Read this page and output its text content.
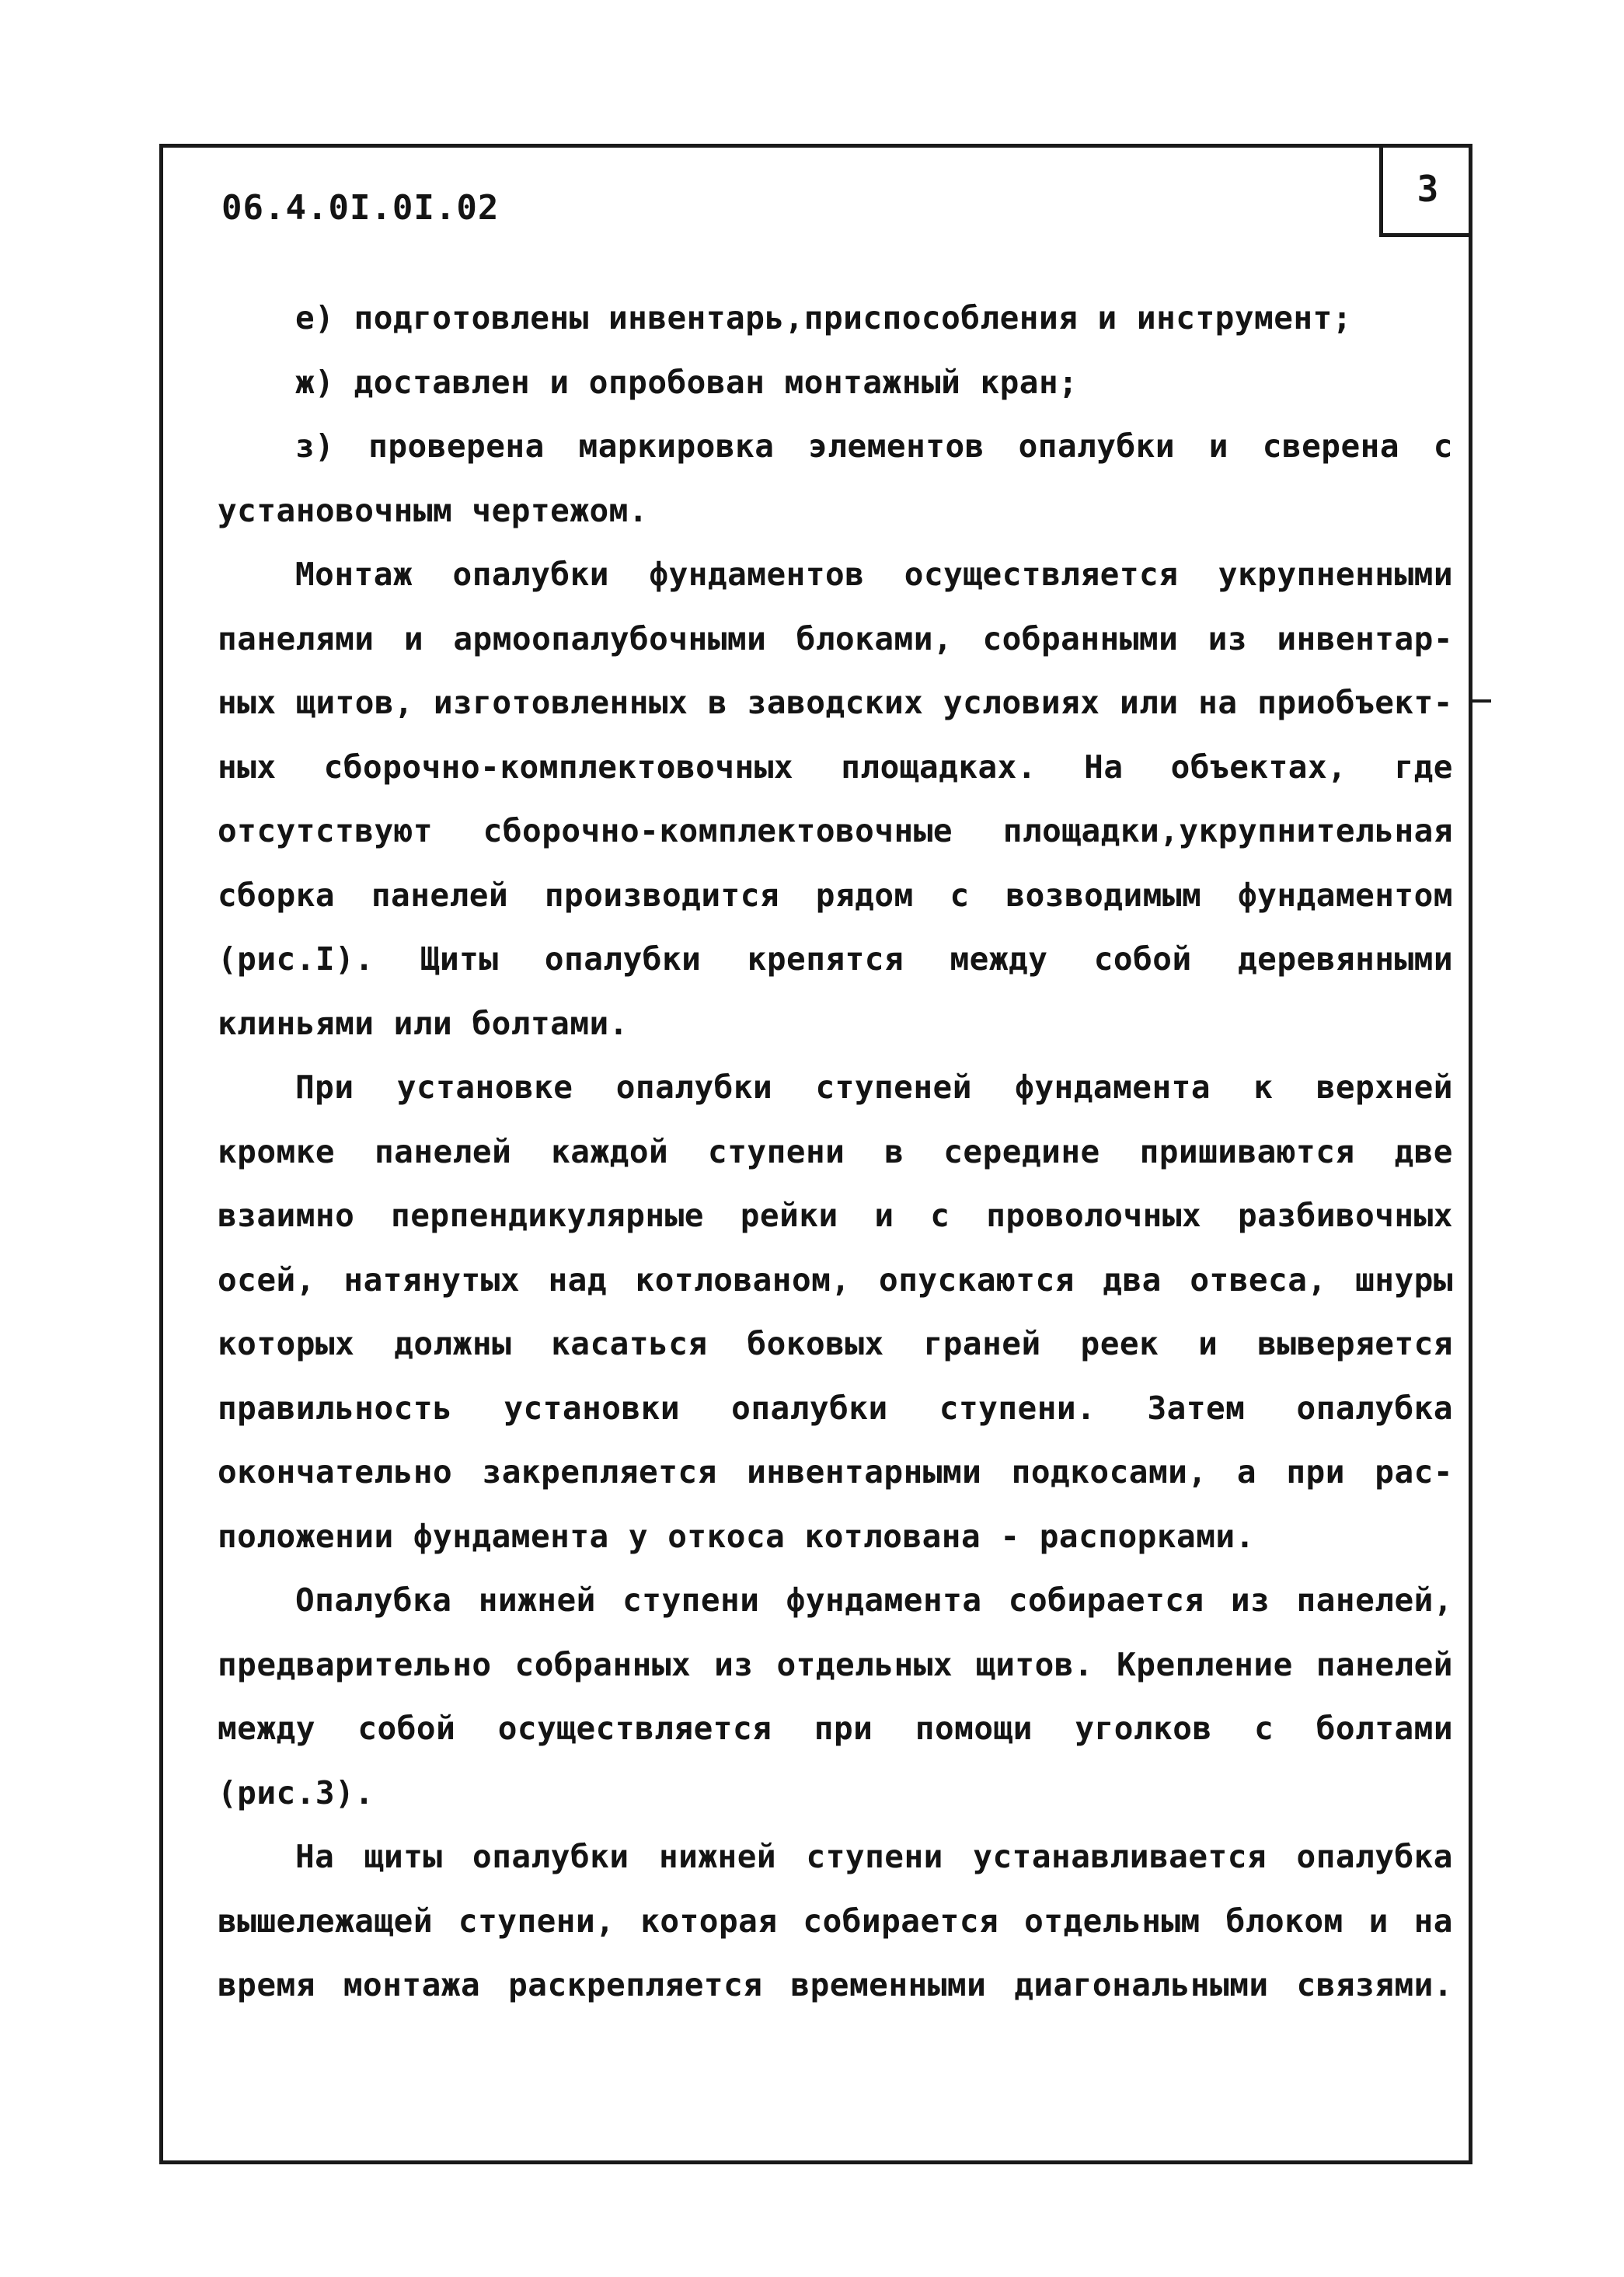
3
06.4.0I.0I.02
е) подготовлены инвентарь,приспособления и инструмент;
ж) доставлен и опробован монтажный кран;
з) проверена маркировка элементов опалубки и сверена с
установочным чертежом.
Монтаж опалубки фундаментов осуществляется укрупненными
панелями и армоопалубочными блоками, собранными из инвентар-
ных щитов, изготовленных в заводских условиях или на приобъект-
ных сборочно-комплектовочных площадках. На объектах, где
отсутствуют сборочно-комплектовочные площадки,укрупнительная
сборка панелей производится рядом с возводимым фундаментом
(рис.I). Щиты опалубки крепятся между собой деревянными
клиньями или болтами.
При установке опалубки ступеней фундамента к верхней
кромке панелей каждой ступени в середине пришиваются две
взаимно перпендикулярные рейки и с проволочных разбивочных
осей, натянутых над котлованом, опускаются два отвеса, шнуры
которых должны касаться боковых граней реек и выверяется
правильность установки опалубки ступени. Затем опалубка
окончательно закрепляется инвентарными подкосами, а при рас-
положении фундамента у откоса котлована - распорками.
Опалубка нижней ступени фундамента собирается из панелей,
предварительно собранных из отдельных щитов. Крепление панелей
между собой осуществляется при помощи уголков с болтами
(рис.3).
На щиты опалубки нижней ступени устанавливается опалубка
вышележащей ступени, которая собирается отдельным блоком и на
время монтажа раскрепляется временными диагональными связями.
